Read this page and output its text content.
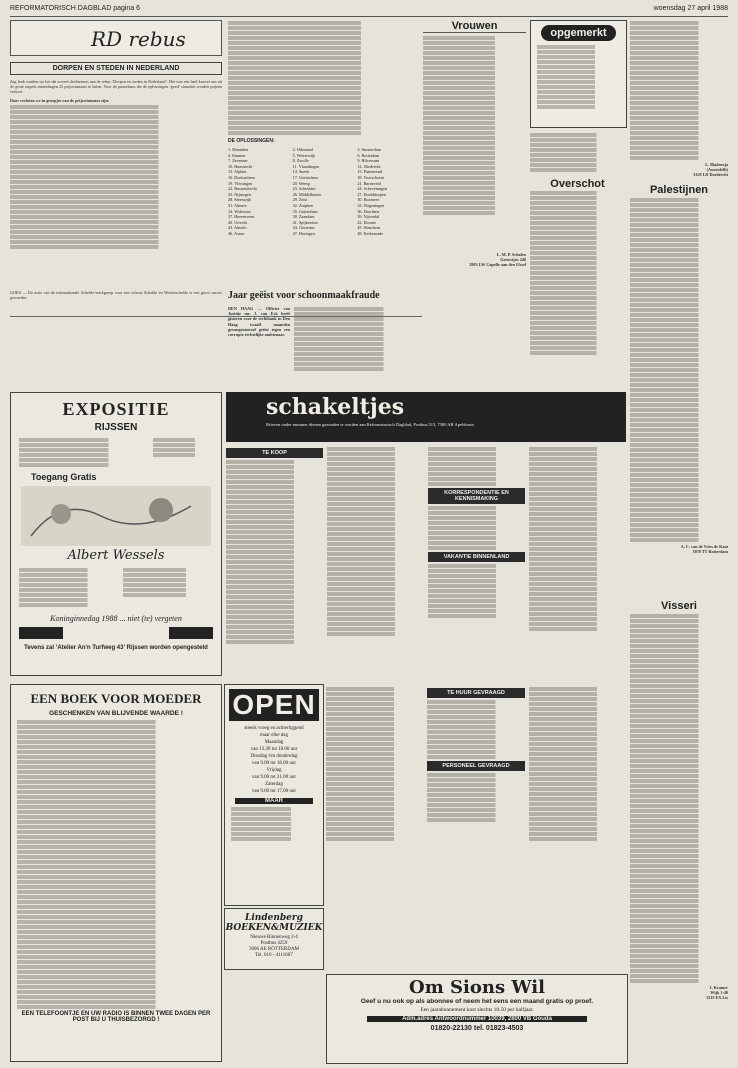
REFORMATORISCH DAGBLAD pagina 6	woensdag 27 april 1988
RD rebus
DORPEN EN STEDEN IN NEDERLAND
Zag leuk vonden we het dat zoveel deelnemers aan de rebus ‘Dorpen en steden in Nederland’. Het was een heel karwei om uit de grote stapels inzendingen 25 prijswinnaars te halen. Voor de puzzelaars die de oplossingen ‘goed’ stuurden worden prijzen verloot.
Door verloten we in groepjes van de prijswinnaars zijn:
DE OPLOSSINGEN:
1. Denaiden	2. Orkinand	3. Amsterdam
4. Emmen	5. Wetterwijk	6. Rotterdam
7. Zevenaar	8. Zwolle	9. Hilversum
10. Haastrecht	11. Vlaardingen	12. Sliedrecht
13. Alphen	14. Sneek	15. Purmerend
16. Doetinchem	17. Gorinchem	18. Voorschoten
19. Vlissingen	20. Weesp	21. Barneveld
22. Bussendrecht	23. Schiedam	24. Scheveningen
25. Nijmegen	26. Middelharnis	27. Hoofddorpen
28. Steenwijk	29. Zeist	30. Boxmeer
31. Almere	32. Zutphen	33. Wageningen
34. Wokerom	35. Goirachem	36. Drachten
37. Heerenveen	38. Zaandam	39. Nijverdal
40. Utrecht	41. Spijkenisse	42. Hoorne
43. Almelo	44. Oosterim	45. Wanchem
46. Assen	47. Horingen	48. Kerkenrade
Vrouwen
opgemerkt
Overschot
L. M. P. Schalen
Goeswijns 248
2903 LW Capelle aan den IJssel
L. Bladeneja
(Assendelft)
3329 LD Dordrecht
Palestijnen
A. C. van de Vries de Kam
3078 TT Rotterdam
Visseri
J. Kramer
Wijk 1-40
3215 EX Lis
GOES — De actie van de internationale Schelde-werkgroep voor een schone Schelde en Westerschelde is een groot succes geworden.	Jaar geëist voor schoonmaakfraude
DEN HAAG — Officier van Justitie mr. J. van Eck heeft gisteren voor de rechtbank in Den Haag twaalf maanden gevangenisstraf geëist tegen een corrupte rechtelijke ambtenaar.
EXPOSITIE
RIJSSEN
Toegang Gratis
Albert Wessels
Koninginnedag 1988 ... niet (te) vergeten
Tevens zal ‘Atelier An'n Turfweg 43’ Rijssen worden opengesteld
schakeltjes
Brieven onder nummer dienen gezonden te worden aan Reformatorisch Dagblad, Postbus 513, 7300 AR Apeldoorn
TE KOOP
KORRESPONDENTIE EN KENNISMAKING
VAKANTIE BINNENLAND
TE HUUR GEVRAAGD
PERSONEEL GEVRAAGD
EEN BOEK VOOR MOEDER
GESCHENKEN VAN BLIJVENDE WAARDE !
EEN TELEFOONTJE EN UW RADIO IS BINNEN TWEE DAGEN PER POST BIJ U THUISBEZORGD !
OPEN
steeds vroeg en achterliggend
maar elke dag
Maandag
van 13.30 tot 18.00 uur
Dinsdag t/m donderdag
van 9.00 tot 18.00 uur
Vrijdag
van 9.00 tot 21.00 uur
Zaterdag
van 9.00 tot 17.00 uur
MAAR
Lindenberg BOEKEN&MUZIEK
Nieuwe Binnenweg 2-4
Postbus 4259
3006 AE ROTTERDAM
Tel. 010 - 4111607
Om Sions Wil
Geef u nu ook op als abonnee of neem het eens een maand gratis op proef.
Een jaarabonnement kost slechts 18.50 per halfjaar.
Adm.adres Antwoordnummer 10039, 2800 VB Gouda
01820-22130 tel. 01823-4503
